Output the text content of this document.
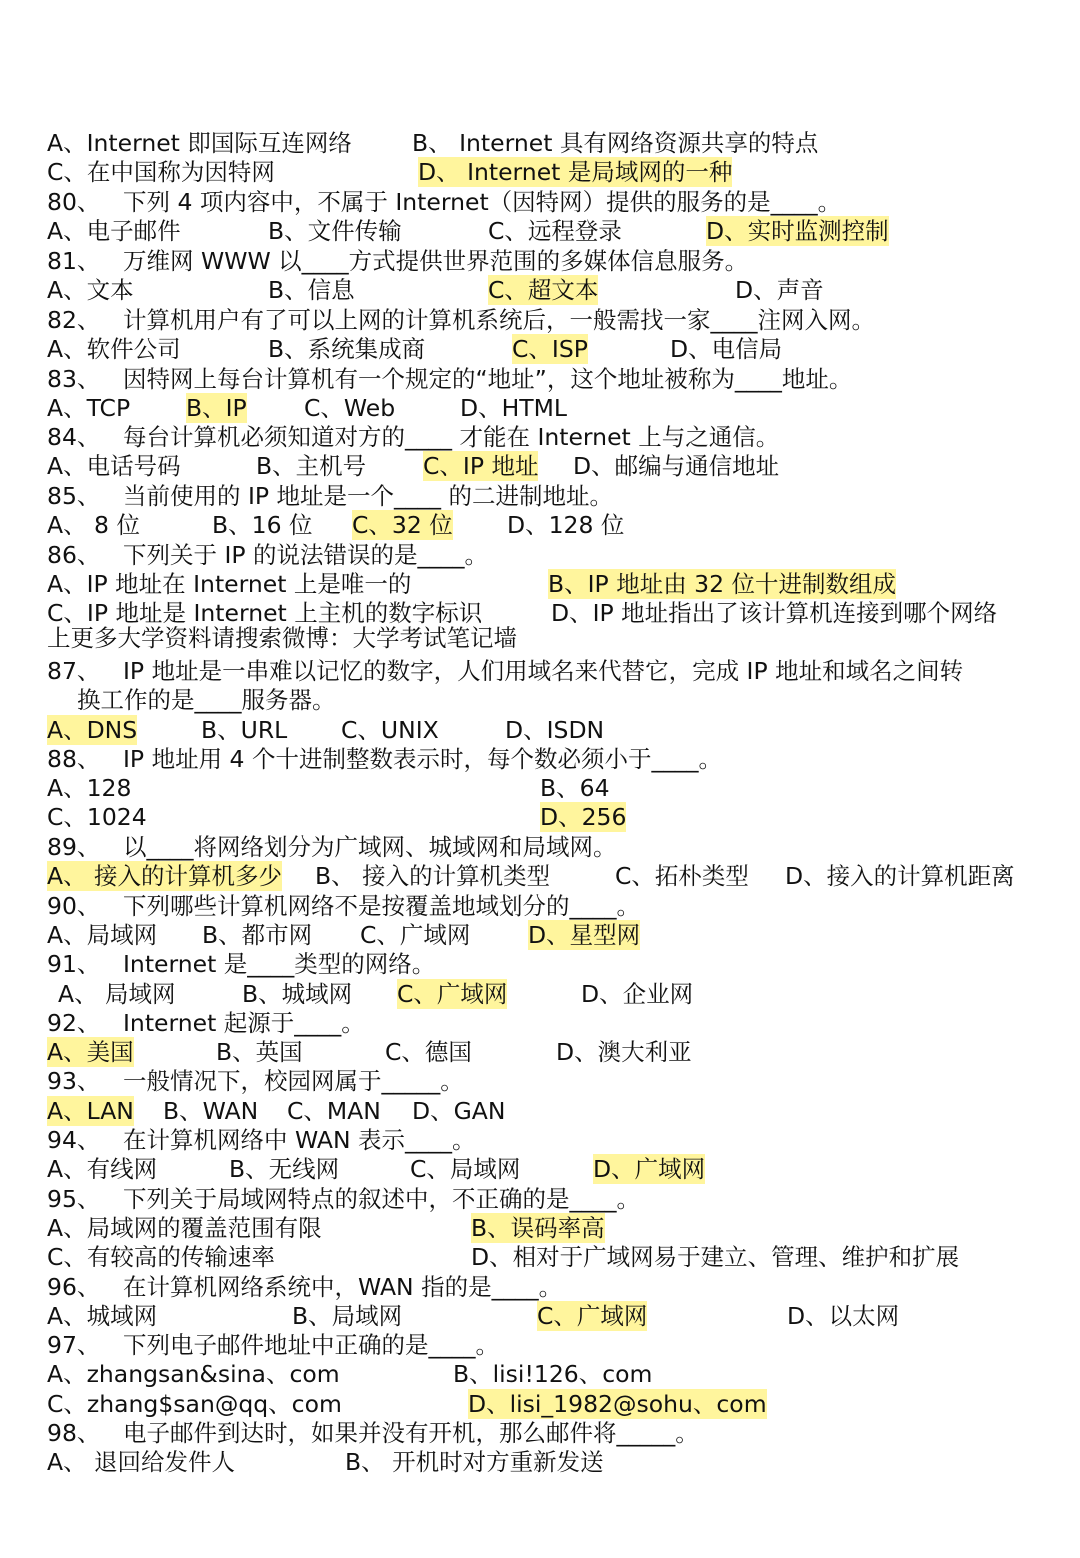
A、Internet 即国际互连网络	B、 Internet 具有网络资源共享的特点
C、在中国称为因特网	D、 Internet 是局域网的一种
80、 下列 4 项内容中，不属于 Internet（因特网）提供的服务的是____。
A、电子邮件	B、文件传输	C、远程登录	D、实时监测控制
81、 万维网 WWW 以____方式提供世界范围的多媒体信息服务。
A、文本	B、信息	C、超文本	D、声音
82、 计算机用户有了可以上网的计算机系统后，一般需找一家____注网入网。
A、软件公司	B、系统集成商	C、ISP	D、电信局
83、 因特网上每台计算机有一个规定的“地址”，这个地址被称为____地址。
A、TCP B、IP C、Web	D、HTML
84、 每台计算机必须知道对方的____ 才能在 Internet 上与之通信。
A、电话号码	B、主机号 C、IP 地址 D、邮编与通信地址
85、 当前使用的 IP 地址是一个____ 的二进制地址。
A、 8 位	B、16 位 C、32 位 D、128 位
86、 下列关于 IP 的说法错误的是____。
A、IP 地址在 Internet 上是唯一的	B、IP 地址由 32 位十进制数组成
C、IP 地址是 Internet 上主机的数字标识	D、IP 地址指出了该计算机连接到哪个网络
上更多大学资料请搜索微博：大学考试笔记墙
87、 IP 地址是一串难以记忆的数字，人们用域名来代替它，完成 IP 地址和域名之间转
换工作的是____服务器。
A、DNS	B、URL C、UNIX	D、ISDN
88、 IP 地址用 4 个十进制整数表示时，每个数必须小于____。
A、128	B、64
C、1024	D、256
89、 以____将网络划分为广域网、城域网和局域网。
A、 接入的计算机多少 B、 接入的计算机类型	C、拓朴类型 D、接入的计算机距离
90、 下列哪些计算机网络不是按覆盖地域划分的____。
A、局域网 B、都市网 C、广域网 D、星型网
91、 Internet 是____类型的网络。
A、 局域网	B、城域网 C、广域网	D、企业网
92、 Internet 起源于____。
A、美国	B、英国	C、德国	D、澳大利亚
93、 一般情况下，校园网属于_____。
A、LAN B、WAN C、MAN D、GAN
94、 在计算机网络中 WAN 表示____。
A、有线网	B、无线网	C、局域网	D、广域网
95、 下列关于局域网特点的叙述中，不正确的是____。
A、局域网的覆盖范围有限	B、误码率高
C、有较高的传输速率	D、相对于广域网易于建立、管理、维护和扩展
96、 在计算机网络系统中，WAN 指的是____。
A、城域网	B、局域网	C、广域网	D、以太网
97、 下列电子邮件地址中正确的是____。
A、zhangsan&sina、com	B、lisi!126、com
C、zhang$san@qq、com	D、lisi_1982@sohu、com
98、 电子邮件到达时，如果并没有开机，那么邮件将_____。
A、 退回给发件人	B、 开机时对方重新发送
